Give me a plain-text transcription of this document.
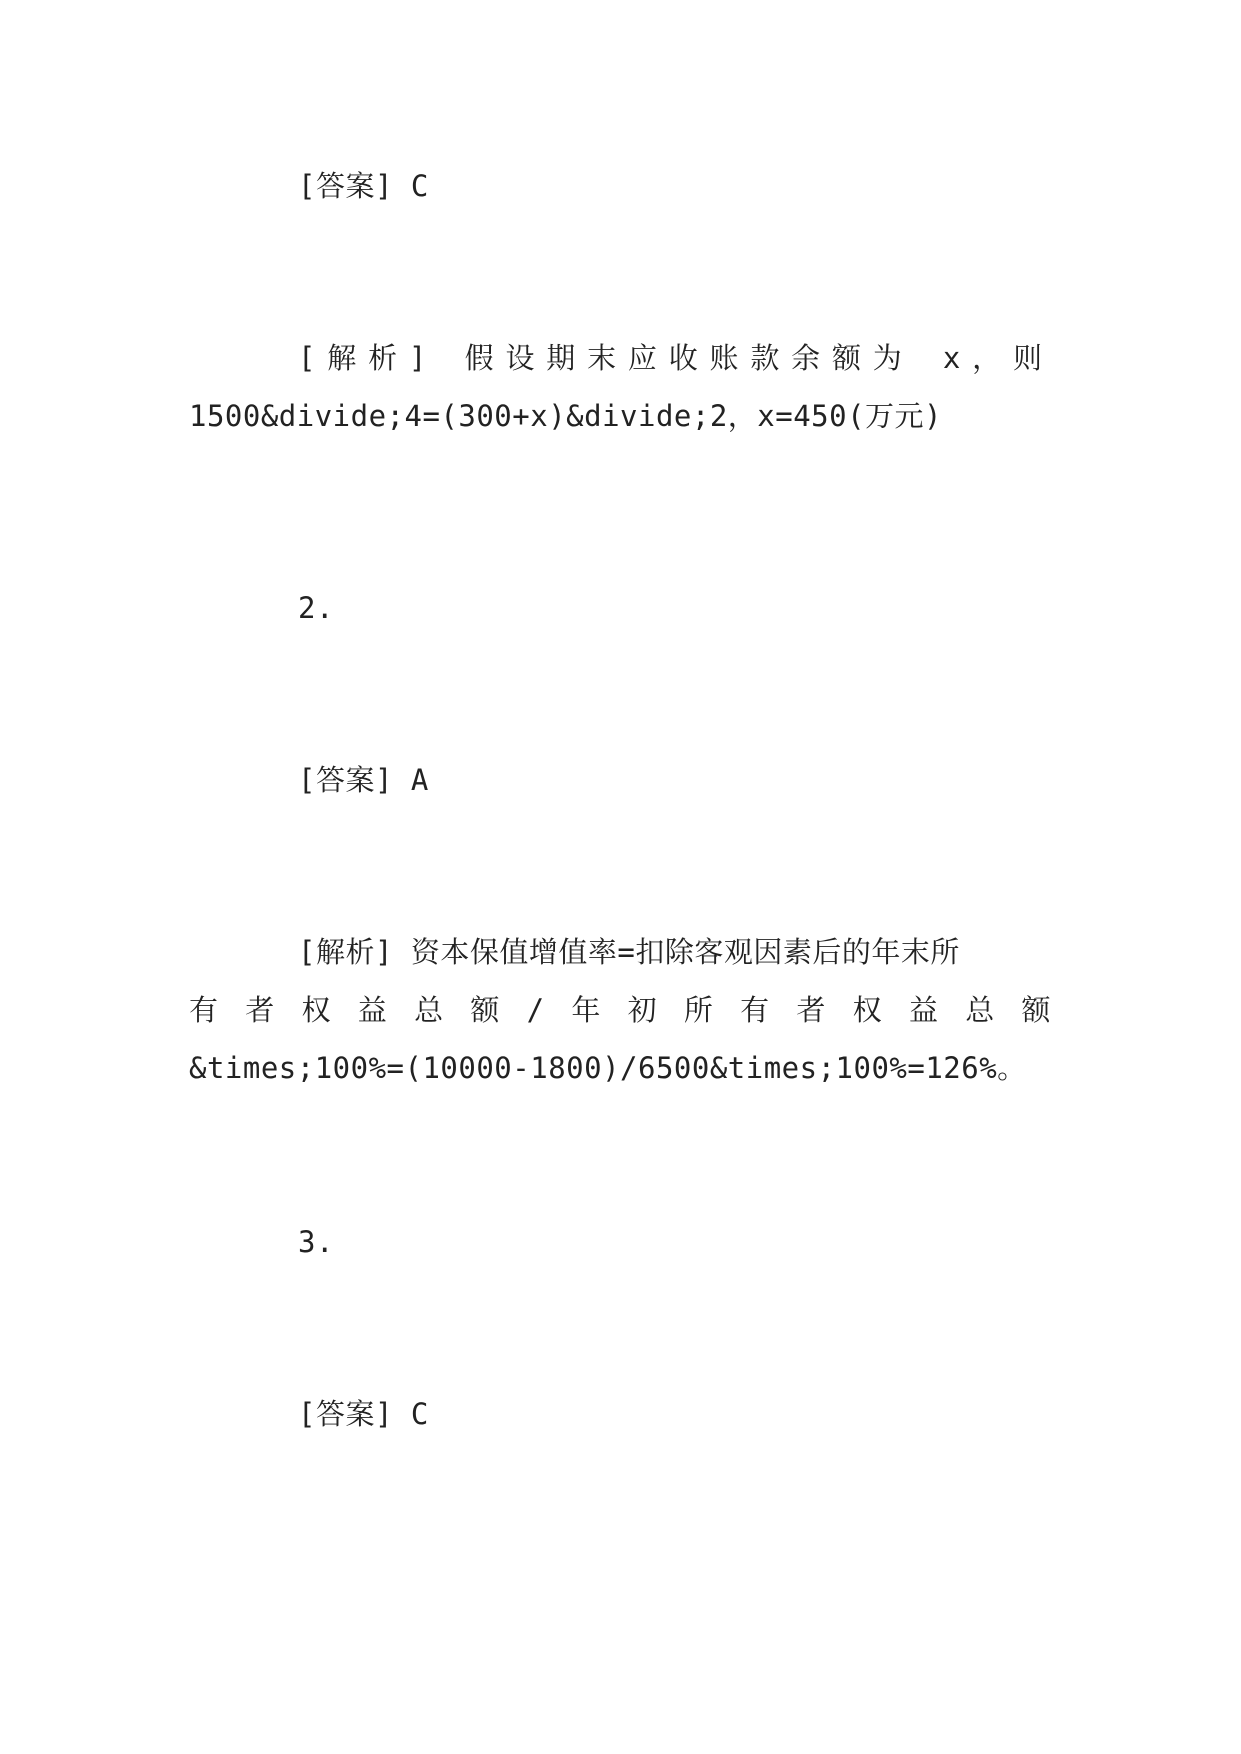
[答案] C
[解析] 假设期末应收账款余额为 x，则
1500&divide;4=(300+x)&divide;2，x=450(万元)
2.
[答案] A
[解析] 资本保值增值率=扣除客观因素后的年末所
有者权益总额/年初所有者权益总额
&times;100%=(10000-1800)/6500&times;100%=126%。
3.
[答案] C
